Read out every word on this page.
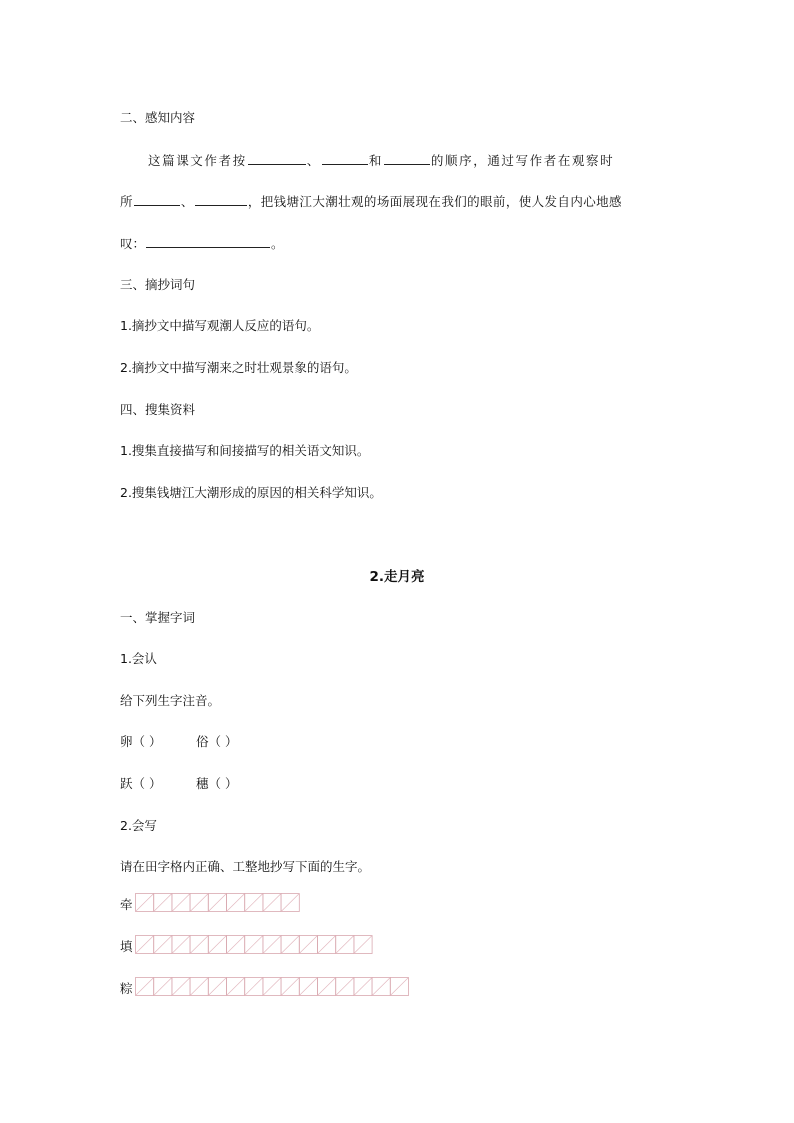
二、感知内容
这篇课文作者按	、	和	的顺序，通过写作者在观察时
所	、	，把钱塘江大潮壮观的场面展现在我们的眼前，使人发自内心地感
叹：	。
三、摘抄词句
1.摘抄文中描写观潮人反应的语句。
2.摘抄文中描写潮来之时壮观景象的语句。
四、搜集资料
1.搜集直接描写和间接描写的相关语文知识。
2.搜集钱塘江大潮形成的原因的相关科学知识。
2.走月亮
一、掌握字词
1.会认
给下列生字注音。
卵（ ）	俗（ ）
跃（ ）	穗（ ）
2.会写
请在田字格内正确、工整地抄写下面的生字。
牵
填
粽
